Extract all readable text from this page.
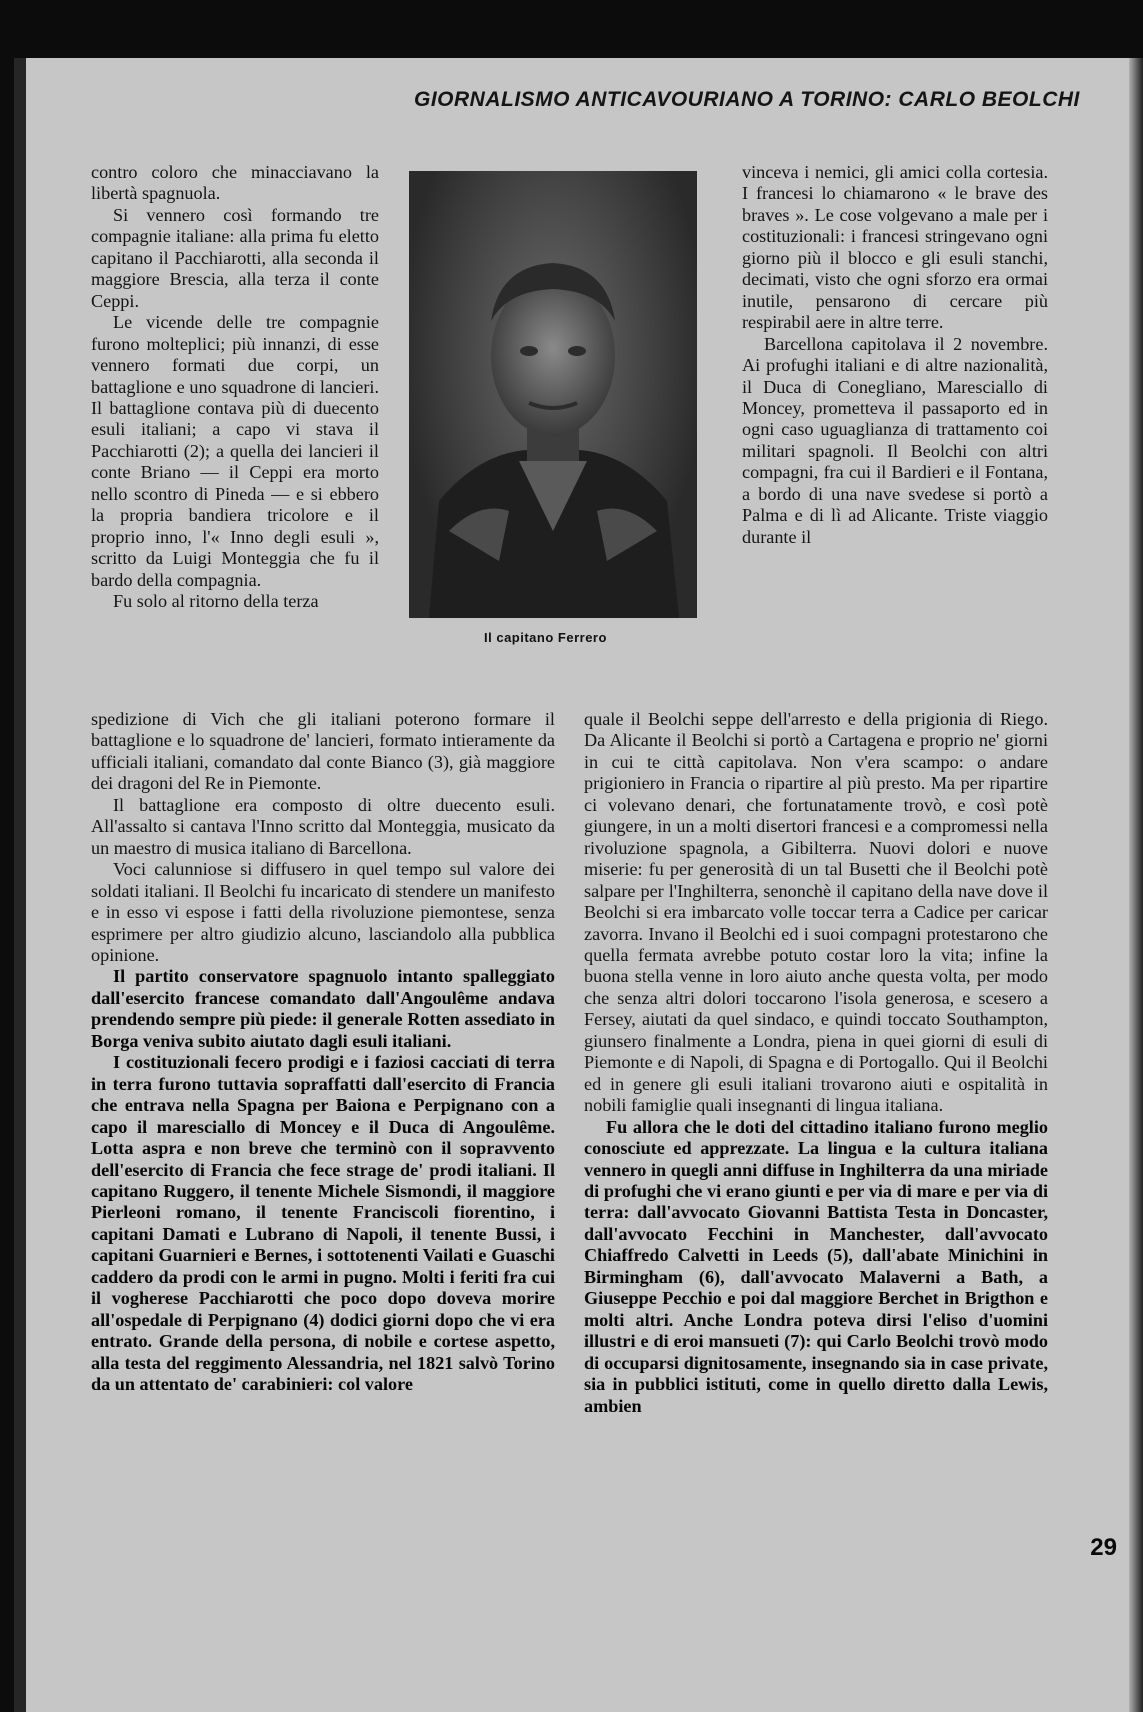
GIORNALISMO ANTICAVOURIANO A TORINO: CARLO BEOLCHI

contro coloro che minacciavano la libertà spagnuola.

Si vennero così formando tre compagnie italiane: alla prima fu eletto capitano il Pacchiarotti, alla seconda il maggiore Brescia, alla terza il conte Ceppi.

Le vicende delle tre compagnie furono molteplici; più innanzi, di esse vennero formati due corpi, un battaglione e uno squadrone di lancieri. Il battaglione contava più di duecento esuli italiani; a capo vi stava il Pacchiarotti (2); a quella dei lancieri il conte Briano — il Ceppi era morto nello scontro di Pineda — e si ebbero la propria bandiera tricolore e il proprio inno, l'« Inno degli esuli », scritto da Luigi Monteggia che fu il bardo della compagnia.

Fu solo al ritorno della terza

Il capitano Ferrero

vinceva i nemici, gli amici colla cortesia. I francesi lo chiamarono « le brave des braves ». Le cose volgevano a male per i costituzionali: i francesi stringevano ogni giorno più il blocco e gli esuli stanchi, decimati, visto che ogni sforzo era ormai inutile, pensarono di cercare più respirabil aere in altre terre.

Barcellona capitolava il 2 novembre. Ai profughi italiani e di altre nazionalità, il Duca di Conegliano, Maresciallo di Moncey, prometteva il passaporto ed in ogni caso uguaglianza di trattamento coi militari spagnoli. Il Beolchi con altri compagni, fra cui il Bardieri e il Fontana, a bordo di una nave svedese si portò a Palma e di lì ad Alicante. Triste viaggio durante il

spedizione di Vich che gli italiani poterono formare il battaglione e lo squadrone de' lancieri, formato intieramente da ufficiali italiani, comandato dal conte Bianco (3), già maggiore dei dragoni del Re in Piemonte.

Il battaglione era composto di oltre duecento esuli. All'assalto si cantava l'Inno scritto dal Monteggia, musicato da un maestro di musica italiano di Barcellona.

Voci calunniose si diffusero in quel tempo sul valore dei soldati italiani. Il Beolchi fu incaricato di stendere un manifesto e in esso vi espose i fatti della rivoluzione piemontese, senza esprimere per altro giudizio alcuno, lasciandolo alla pubblica opinione.

Il partito conservatore spagnuolo intanto spalleggiato dall'esercito francese comandato dall'Angoulême andava prendendo sempre più piede: il generale Rotten assediato in Borga veniva subito aiutato dagli esuli italiani.

I costituzionali fecero prodigi e i faziosi cacciati di terra in terra furono tuttavia sopraffatti dall'esercito di Francia che entrava nella Spagna per Baiona e Perpignano con a capo il maresciallo di Moncey e il Duca di Angoulême. Lotta aspra e non breve che terminò con il sopravvento dell'esercito di Francia che fece strage de' prodi italiani. Il capitano Ruggero, il tenente Michele Sismondi, il maggiore Pierleoni romano, il tenente Franciscoli fiorentino, i capitani Damati e Lubrano di Napoli, il tenente Bussi, i capitani Guarnieri e Bernes, i sottotenenti Vailati e Guaschi caddero da prodi con le armi in pugno. Molti i feriti fra cui il vogherese Pacchiarotti che poco dopo doveva morire all'ospedale di Perpignano (4) dodici giorni dopo che vi era entrato. Grande della persona, di nobile e cortese aspetto, alla testa del reggimento Alessandria, nel 1821 salvò Torino da un attentato de' carabinieri: col valore

quale il Beolchi seppe dell'arresto e della prigionia di Riego. Da Alicante il Beolchi si portò a Cartagena e proprio ne' giorni in cui te città capitolava. Non v'era scampo: o andare prigioniero in Francia o ripartire al più presto. Ma per ripartire ci volevano denari, che fortunatamente trovò, e così potè giungere, in un a molti disertori francesi e a compromessi nella rivoluzione spagnola, a Gibilterra. Nuovi dolori e nuove miserie: fu per generosità di un tal Busetti che il Beolchi potè salpare per l'Inghilterra, senonchè il capitano della nave dove il Beolchi si era imbarcato volle toccar terra a Cadice per caricar zavorra. Invano il Beolchi ed i suoi compagni protestarono che quella fermata avrebbe potuto costar loro la vita; infine la buona stella venne in loro aiuto anche questa volta, per modo che senza altri dolori toccarono l'isola generosa, e scesero a Fersey, aiutati da quel sindaco, e quindi toccato Southampton, giunsero finalmente a Londra, piena in quei giorni di esuli di Piemonte e di Napoli, di Spagna e di Portogallo. Qui il Beolchi ed in genere gli esuli italiani trovarono aiuti e ospitalità in nobili famiglie quali insegnanti di lingua italiana.

Fu allora che le doti del cittadino italiano furono meglio conosciute ed apprezzate. La lingua e la cultura italiana vennero in quegli anni diffuse in Inghilterra da una miriade di profughi che vi erano giunti e per via di mare e per via di terra: dall'avvocato Giovanni Battista Testa in Doncaster, dall'avvocato Fecchini in Manchester, dall'avvocato Chiaffredo Calvetti in Leeds (5), dall'abate Minichini in Birmingham (6), dall'avvocato Malaverni a Bath, a Giuseppe Pecchio e poi dal maggiore Berchet in Brigthon e molti altri. Anche Londra poteva dirsi l'eliso d'uomini illustri e di eroi mansueti (7): qui Carlo Beolchi trovò modo di occuparsi dignitosamente, insegnando sia in case private, sia in pubblici istituti, come in quello diretto dalla Lewis, ambien

29
